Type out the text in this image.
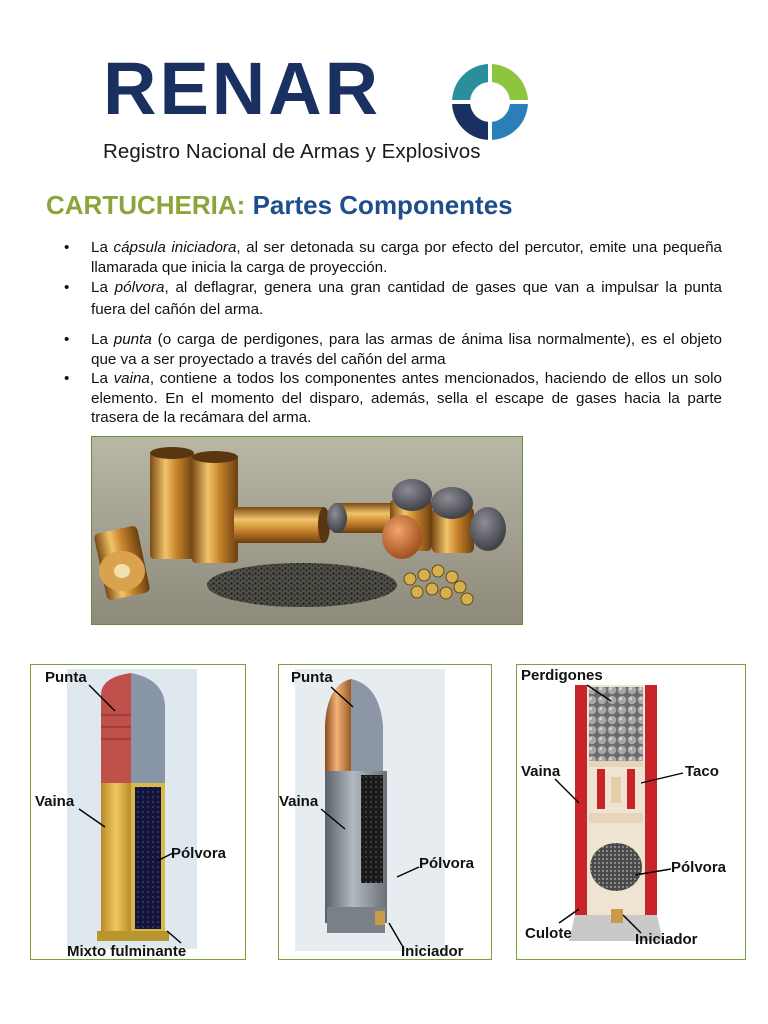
RENAR
Registro Nacional de Armas y Explosivos
CARTUCHERIA: Partes Componentes
• La cápsula iniciadora, al ser detonada su carga por efecto del percutor, emite una pequeña llamarada que inicia la carga de proyección.
• La pólvora, al deflagrar, genera una gran cantidad de gases que van a impulsar la punta fuera del cañón del arma.
• La punta (o carga de perdigones, para las armas de ánima lisa normalmente), es el objeto que va a ser proyectado a través del cañón del arma
• La vaina, contiene a todos los componentes antes mencionados, haciendo de ellos un solo elemento. En el momento del disparo, además, sella el escape de gases hacia la parte trasera de la recámara del arma.
Punta
Vaina
Pólvora
Mixto fulminante
Punta
Vaina
Pólvora
Iniciador
Perdigones
Vaina	Taco
Pólvora
Culote	Iniciador
